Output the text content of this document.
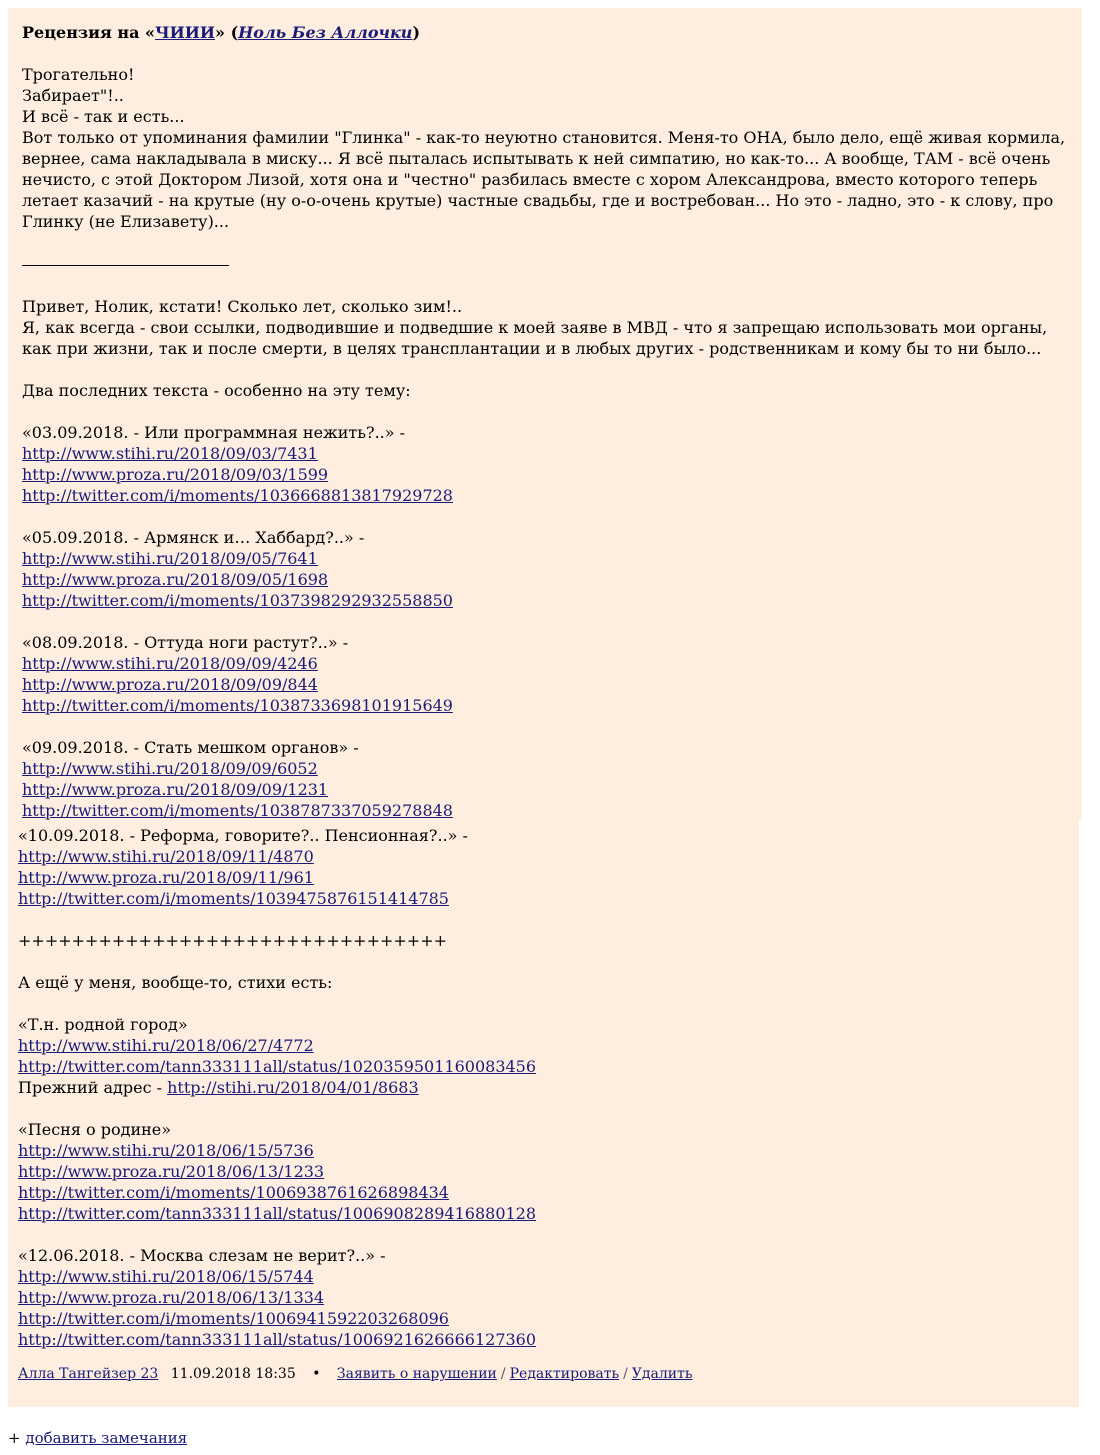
Рецензия на «ЧИИИ» (Ноль Без Аллочки)
Трогательно!
Забирает"!..
И всё - так и есть...
Вот только от упоминания фамилии "Глинка" - как-то неуютно становится. Меня-то ОНА, было дело, ещё живая кормила, вернее, сама накладывала в миску... Я всё пыталась испытывать к ней симпатию, но как-то... А вообще, ТАМ - всё очень нечисто, с этой Доктором Лизой, хотя она и "честно" разбилась вместе с хором Александрова, вместо которого теперь летает казачий - на крутые (ну о-о-очень крутые) частные свадьбы, где и востребован... Но это - ладно, это - к слову, про Глинку (не Елизавету)...
Привет, Нолик, кстати! Сколько лет, сколько зим!..
Я, как всегда - свои ссылки, подводившие и подведшие к моей заяве в МВД - что я запрещаю использовать мои органы, как при жизни, так и после смерти, в целях трансплантации и в любых других - родственникам и кому бы то ни было...
Два последних текста - особенно на эту тему:
«03.09.2018. - Или программная нежить?..» -
http://www.stihi.ru/2018/09/03/7431
http://www.proza.ru/2018/09/03/1599
http://twitter.com/i/moments/1036668813817929728
«05.09.2018. - Армянск и… Хаббард?..» -
http://www.stihi.ru/2018/09/05/7641
http://www.proza.ru/2018/09/05/1698
http://twitter.com/i/moments/1037398292932558850
«08.09.2018. - Оттуда ноги растут?..» -
http://www.stihi.ru/2018/09/09/4246
http://www.proza.ru/2018/09/09/844
http://twitter.com/i/moments/1038733698101915649
«09.09.2018. - Стать мешком органов» -
http://www.stihi.ru/2018/09/09/6052
http://www.proza.ru/2018/09/09/1231
http://twitter.com/i/moments/1038787337059278848
«10.09.2018. - Реформа, говорите?.. Пенсионная?..» -
http://www.stihi.ru/2018/09/11/4870
http://www.proza.ru/2018/09/11/961
http://twitter.com/i/moments/1039475876151414785
++++++++++++++++++++++++++++++++
А ещё у меня, вообще-то, стихи есть:
«Т.н. родной город»
http://www.stihi.ru/2018/06/27/4772
http://twitter.com/tann333111all/status/1020359501160083456
Прежний адрес - http://stihi.ru/2018/04/01/8683
«Песня о родине»
http://www.stihi.ru/2018/06/15/5736
http://www.proza.ru/2018/06/13/1233
http://twitter.com/i/moments/1006938761626898434
http://twitter.com/tann333111all/status/1006908289416880128
«12.06.2018. - Москва слезам не верит?..» -
http://www.stihi.ru/2018/06/15/5744
http://www.proza.ru/2018/06/13/1334
http://twitter.com/i/moments/1006941592203268096
http://twitter.com/tann333111all/status/1006921626666127360
Алла Тангейзер 23 11.09.2018 18:35 • Заявить о нарушении / Редактировать / Удалить
+ добавить замечания
